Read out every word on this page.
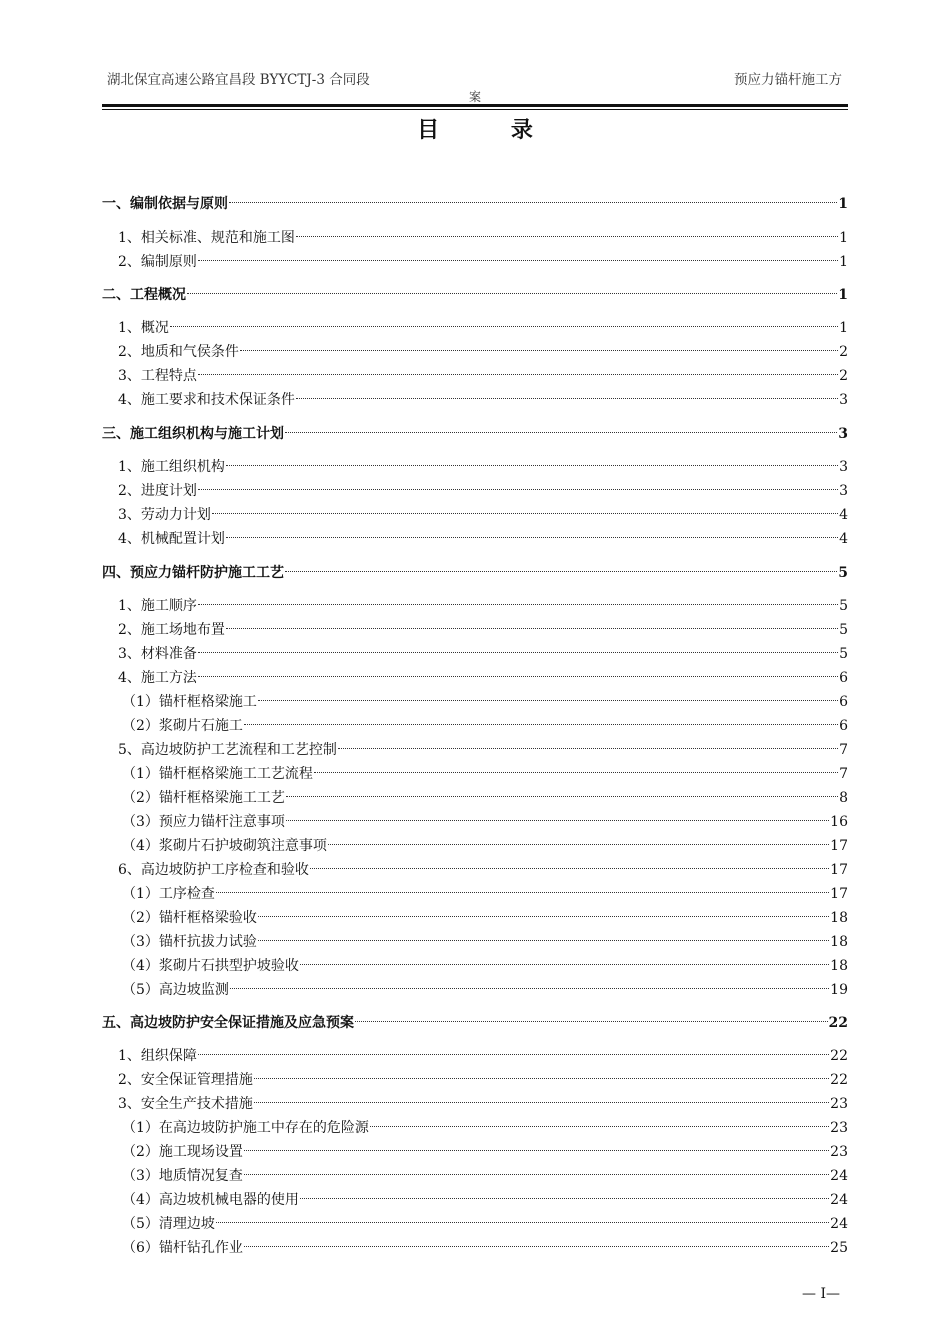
湖北保宜高速公路宜昌段 BYYCTJ-3 合同段	预应力锚杆施工方
案
目 录
一、编制依据与原则	1
1、相关标准、规范和施工图	1
2、编制原则	1
二、工程概况	1
1、概况	1
2、地质和气侯条件	2
3、工程特点	2
4、施工要求和技术保证条件	3
三、施工组织机构与施工计划	3
1、施工组织机构	3
2、进度计划	3
3、劳动力计划	4
4、机械配置计划	4
四、预应力锚杆防护施工工艺	5
1、施工顺序	5
2、施工场地布置	5
3、材料准备	5
4、施工方法	6
（1）锚杆框格梁施工	6
（2）浆砌片石施工	6
5、高边坡防护工艺流程和工艺控制	7
（1）锚杆框格梁施工工艺流程	7
（2）锚杆框格梁施工工艺	8
（3）预应力锚杆注意事项	16
（4）浆砌片石护坡砌筑注意事项	17
6、高边坡防护工序检查和验收	17
（1）工序检查	17
（2）锚杆框格梁验收	18
（3）锚杆抗拔力试验	18
（4）浆砌片石拱型护坡验收	18
（5）高边坡监测	19
五、高边坡防护安全保证措施及应急预案	22
1、组织保障	22
2、安全保证管理措施	22
3、安全生产技术措施	23
（1）在高边坡防护施工中存在的危险源	23
（2）施工现场设置	23
（3）地质情况复查	24
（4）高边坡机械电器的使用	24
（5）清理边坡	24
（6）锚杆钻孔作业	25
— I—
